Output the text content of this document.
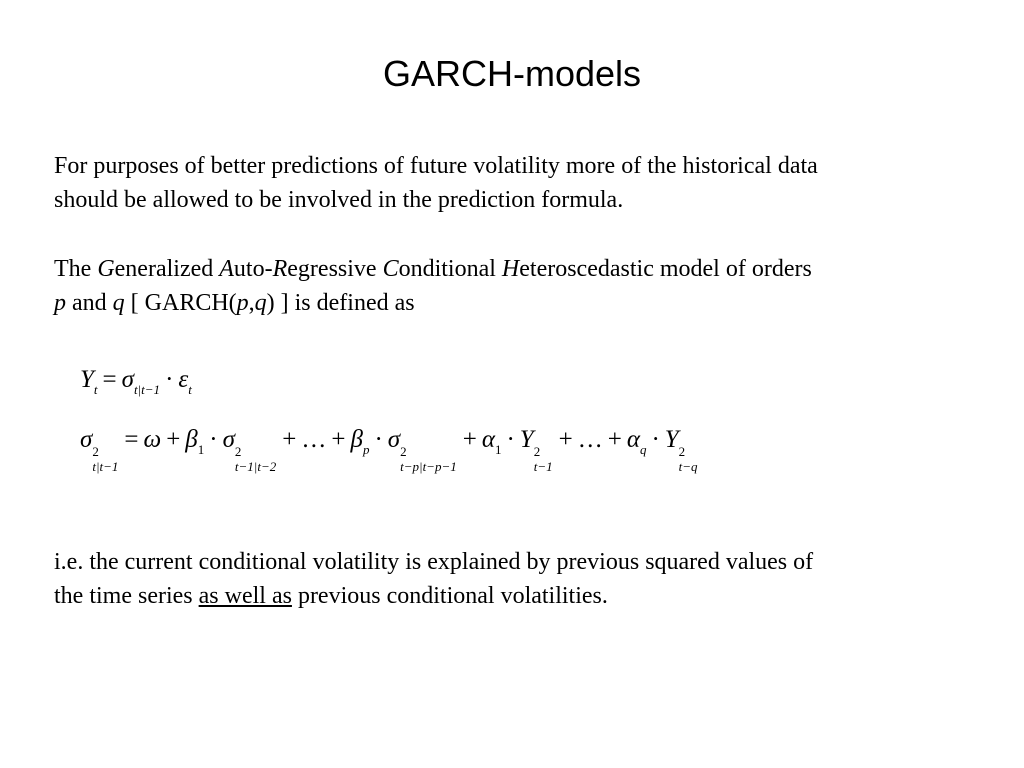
GARCH-models
For purposes of better predictions of future volatility more of the historical data
should be allowed to be involved in the prediction formula.
The Generalized Auto-Regressive Conditional Heteroscedastic model of orders
p and q [ GARCH(p,q) ] is defined as
$Y_t = \sigma_{t|t-1} \cdot \varepsilon_t$
σ 2
t|t−1
= $\omega + \beta_1 \cdot \sigma$ 2
t−1|t−2
+ … + $\beta_p \cdot \sigma$ 2
t−p|t−p−1
+ $\alpha_1 \cdot Y$ 2
t−1
+ … + $\alpha_q \cdot Y$ 2
t−q
i.e. the current conditional volatility is explained by previous squared values of
the time series as well as previous conditional volatilities.
